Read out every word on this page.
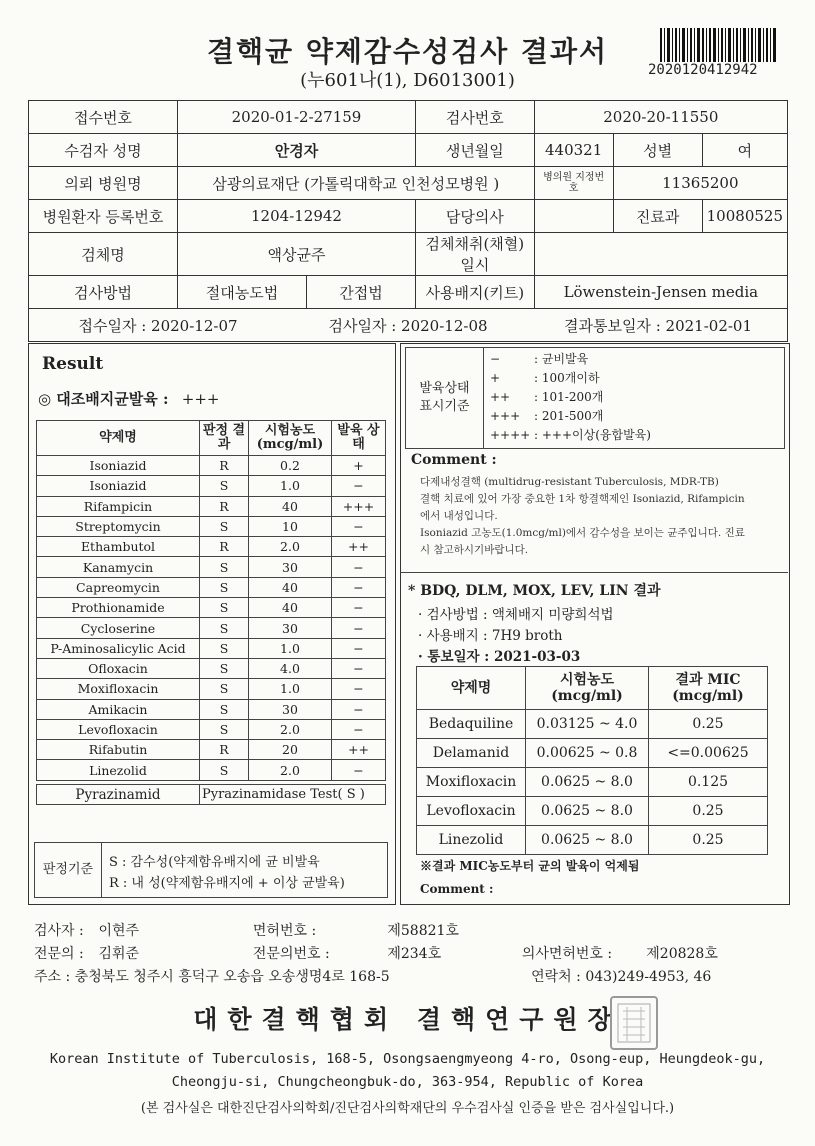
결핵균 약제감수성검사 결과서
(누601나(1), D6013001)	2020120412942
접수번호	2020-01-2-27159		검사번호	2020-20-11550		
수검자 성명	안경자		생년월일	440321	성별	여
의뢰 병원명	삼광의료재단 (가톨릭대학교 인천성모병원 )			병의원 지정번호	11365200	
병원환자 등록번호	1204-12942		담당의사		진료과	10080525
검체명	액상균주		검체채취(채혈)일시			
검사방법	절대농도법	간접법	사용배지(키트)	Löwenstein-Jensen media		
접수일자 : 2020-12-07 검사일자 : 2020-12-08 결과통보일자 : 2021-02-01						
Result
◎ 대조배지균발육 : +++
약제명	판정 결과	시험농도 (mcg/ml)	발육 상태
Isoniazid	R	0.2	+
Isoniazid	S	1.0	−
Rifampicin	R	40	+++
Streptomycin	S	10	−
Ethambutol	R	2.0	++
Kanamycin	S	30	−
Capreomycin	S	40	−
Prothionamide	S	40	−
Cycloserine	S	30	−
P-Aminosalicylic Acid	S	1.0	−
Ofloxacin	S	4.0	−
Moxifloxacin	S	1.0	−
Amikacin	S	30	−
Levofloxacin	S	2.0	−
Rifabutin	R	20	++
Linezolid	S	2.0	−
Pyrazinamid	Pyrazinamidase Test( S )
판정기준	S : 감수성(약제함유배지에 균 비발육
R : 내 성(약제함유배지에 + 이상 균발육)
발육상태 표시기준
−	: 균비발육
+	: 100개이하
++ : 101-200개
+++ : 201-500개
++++ : +++이상(융합발육)
Comment :
다제내성결핵 (multidrug-resistant Tuberculosis, MDR-TB)
결핵 치료에 있어 가장 중요한 1차 항결핵제인 Isoniazid, Rifampicin
에서 내성입니다.
Isoniazid 고농도(1.0mcg/ml)에서 감수성을 보이는 균주입니다. 진료
시 참고하시기바랍니다.
* BDQ, DLM, MOX, LEV, LIN 결과
· 검사방법 : 액체배지 미량희석법
· 사용배지 : 7H9 broth
· 통보일자 : 2021-03-03
약제명	시험농도 (mcg/ml)	결과 MIC (mcg/ml)
Bedaquiline	0.03125 ~ 4.0	0.25
Delamanid	0.00625 ~ 0.8	<=0.00625
Moxifloxacin	0.0625 ~ 8.0	0.125
Levofloxacin	0.0625 ~ 8.0	0.25
Linezolid	0.0625 ~ 8.0	0.25
※결과 MIC농도부터 균의 발육이 억제됨
Comment :
검사자 : 이현주	면허번호 :	제58821호
전문의 : 김휘준	전문의번호 :	제234호	의사면허번호 : 제20828호
주소 : 충청북도 청주시 흥덕구 오송읍 오송생명4로 168-5	연락처 : 043)249-4953, 46
대한결핵협회 결핵연구원장
Korean Institute of Tuberculosis, 168-5, Osongsaengmyeong 4-ro, Osong-eup, Heungdeok-gu,
Cheongju-si, Chungcheongbuk-do, 363-954, Republic of Korea
(본 검사실은 대한진단검사의학회/진단검사의학재단의 우수검사실 인증을 받은 검사실입니다.)
